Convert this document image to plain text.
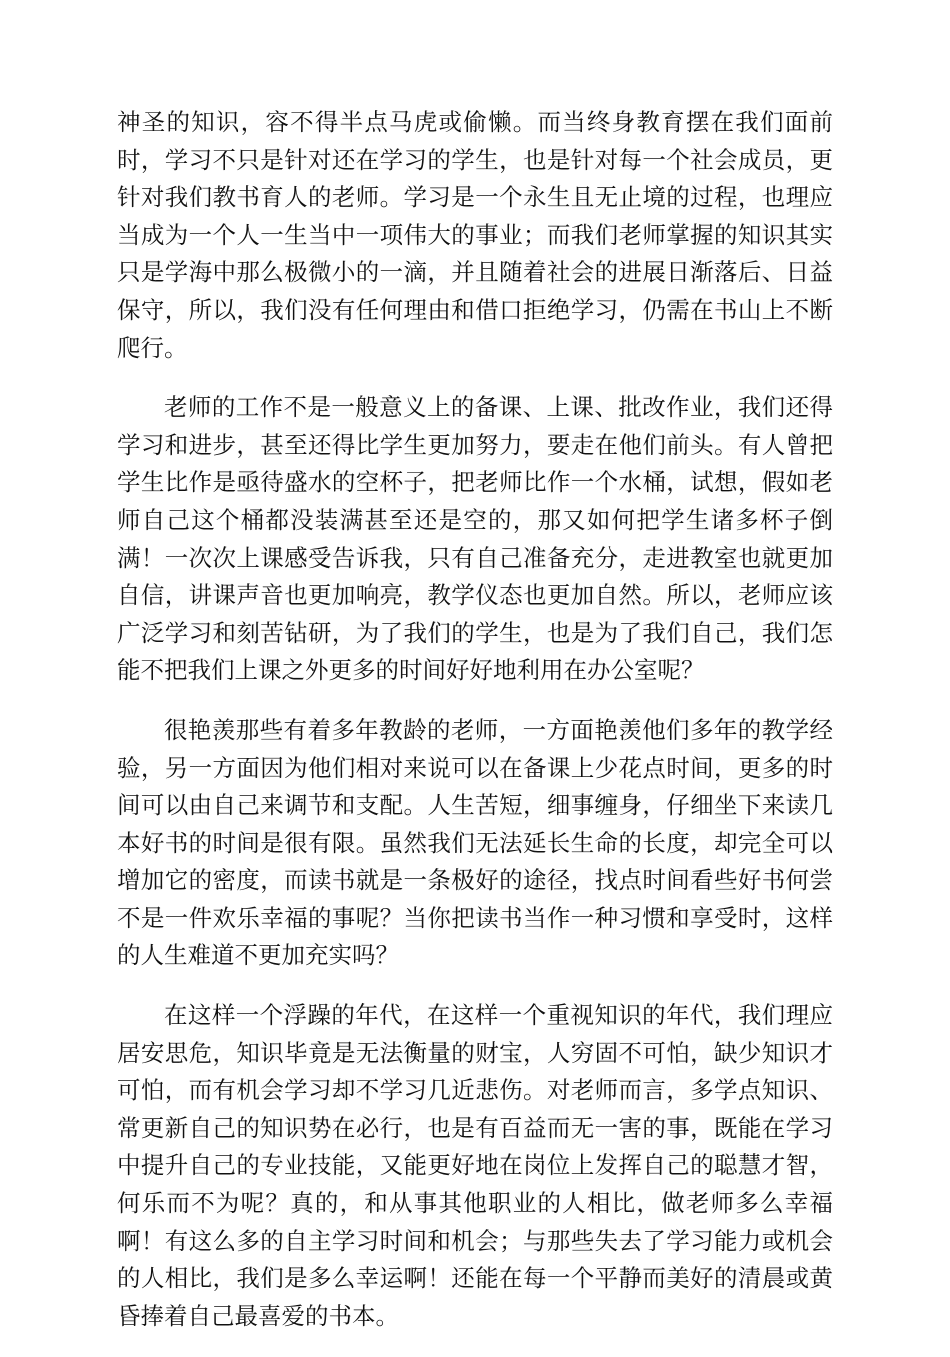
神圣的知识，容不得半点马虎或偷懒。而当终身教育摆在我们面前时，学习不只是针对还在学习的学生，也是针对每一个社会成员，更针对我们教书育人的老师。学习是一个永生且无止境的过程，也理应当成为一个人一生当中一项伟大的事业；而我们老师掌握的知识其实只是学海中那么极微小的一滴，并且随着社会的进展日渐落后、日益保守，所以，我们没有任何理由和借口拒绝学习，仍需在书山上不断爬行。

老师的工作不是一般意义上的备课、上课、批改作业，我们还得学习和进步，甚至还得比学生更加努力，要走在他们前头。有人曾把学生比作是亟待盛水的空杯子，把老师比作一个水桶，试想，假如老师自己这个桶都没装满甚至还是空的，那又如何把学生诸多杯子倒满！一次次上课感受告诉我，只有自己准备充分，走进教室也就更加自信，讲课声音也更加响亮，教学仪态也更加自然。所以，老师应该广泛学习和刻苦钻研，为了我们的学生，也是为了我们自己，我们怎能不把我们上课之外更多的时间好好地利用在办公室呢？

很艳羡那些有着多年教龄的老师，一方面艳羡他们多年的教学经验，另一方面因为他们相对来说可以在备课上少花点时间，更多的时间可以由自己来调节和支配。人生苦短，细事缠身，仔细坐下来读几本好书的时间是很有限。虽然我们无法延长生命的长度，却完全可以增加它的密度，而读书就是一条极好的途径，找点时间看些好书何尝不是一件欢乐幸福的事呢？当你把读书当作一种习惯和享受时，这样的人生难道不更加充实吗？

在这样一个浮躁的年代，在这样一个重视知识的年代，我们理应居安思危，知识毕竟是无法衡量的财宝，人穷固不可怕，缺少知识才可怕，而有机会学习却不学习几近悲伤。对老师而言，多学点知识、常更新自己的知识势在必行，也是有百益而无一害的事，既能在学习中提升自己的专业技能，又能更好地在岗位上发挥自己的聪慧才智，何乐而不为呢？真的，和从事其他职业的人相比，做老师多么幸福啊！有这么多的自主学习时间和机会；与那些失去了学习能力或机会的人相比，我们是多么幸运啊！还能在每一个平静而美好的清晨或黄昏捧着自己最喜爱的书本。
